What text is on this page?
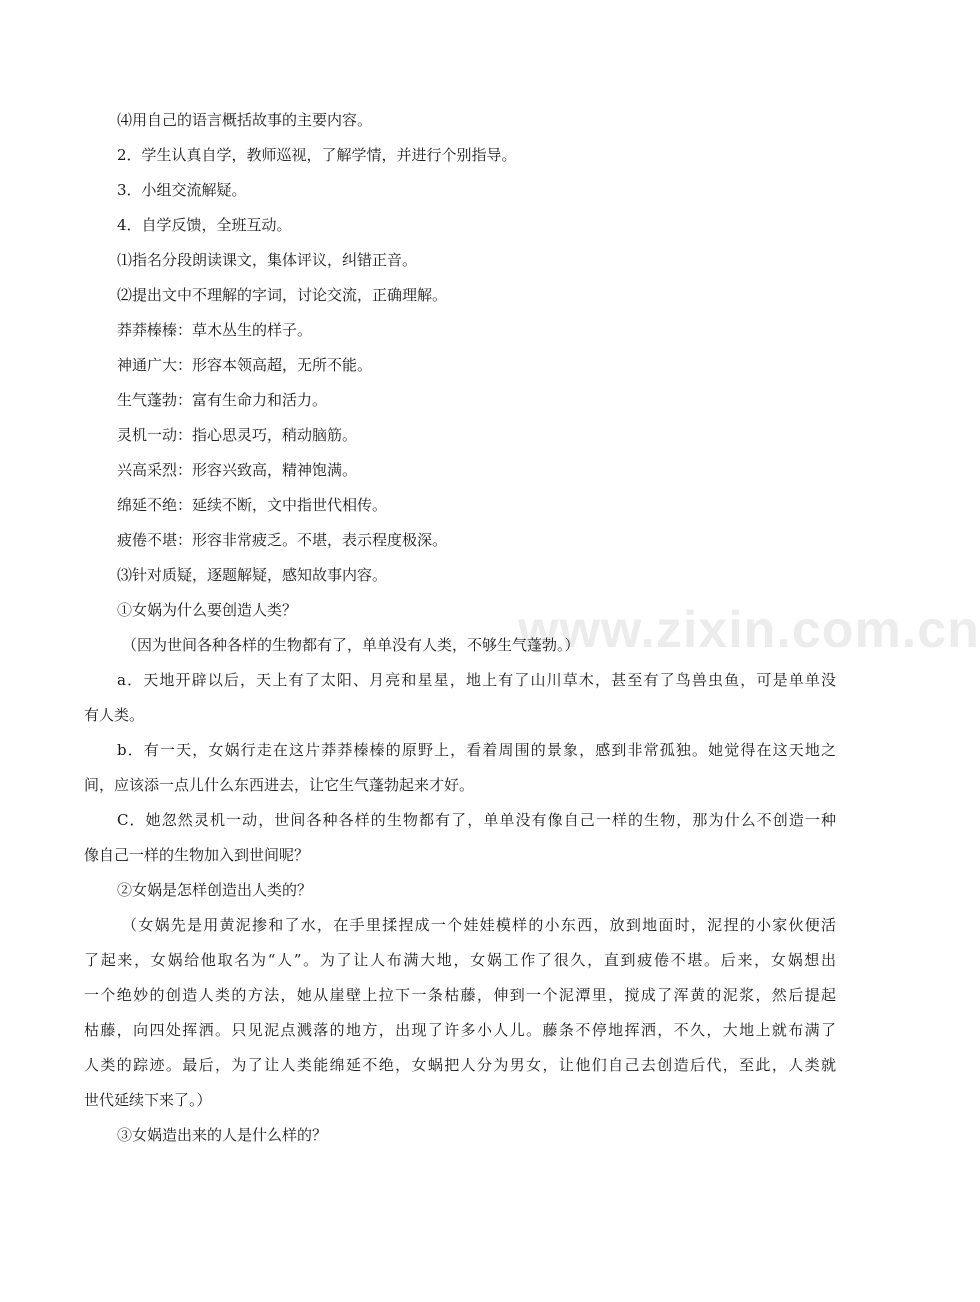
www.zixin.com.cn
⑷用自己的语言概括故事的主要内容。
2．学生认真自学，教师巡视，了解学情，并进行个别指导。
3．小组交流解疑。
4．自学反馈，全班互动。
⑴指名分段朗读课文，集体评议，纠错正音。
⑵提出文中不理解的字词，讨论交流，正确理解。
莽莽榛榛：草木丛生的样子。
神通广大：形容本领高超，无所不能。
生气蓬勃：富有生命力和活力。
灵机一动：指心思灵巧，稍动脑筋。
兴高采烈：形容兴致高，精神饱满。
绵延不绝：延续不断，文中指世代相传。
疲倦不堪：形容非常疲乏。不堪，表示程度极深。
⑶针对质疑，逐题解疑，感知故事内容。
①女娲为什么要创造人类？
（因为世间各种各样的生物都有了，单单没有人类，不够生气蓬勃。）
a．天地开辟以后，天上有了太阳、月亮和星星，地上有了山川草木，甚至有了鸟兽虫鱼，可是单单没
有人类。
b．有一天，女娲行走在这片莽莽榛榛的原野上，看着周围的景象，感到非常孤独。她觉得在这天地之
间，应该添一点儿什么东西进去，让它生气蓬勃起来才好。
C．她忽然灵机一动，世间各种各样的生物都有了，单单没有像自己一样的生物，那为什么不创造一种
像自己一样的生物加入到世间呢？
②女娲是怎样创造出人类的？
（女娲先是用黄泥掺和了水，在手里揉捏成一个娃娃模样的小东西，放到地面时，泥捏的小家伙便活
了起来，女娲给他取名为“人”。为了让人布满大地，女娲工作了很久，直到疲倦不堪。后来，女娲想出
一个绝妙的创造人类的方法，她从崖壁上拉下一条枯藤，伸到一个泥潭里，搅成了浑黄的泥浆，然后提起
枯藤，向四处挥洒。只见泥点溅落的地方，出现了许多小人儿。藤条不停地挥洒，不久，大地上就布满了
人类的踪迹。最后，为了让人类能绵延不绝，女蜗把人分为男女，让他们自己去创造后代，至此，人类就
世代延续下来了。）
③女娲造出来的人是什么样的？
